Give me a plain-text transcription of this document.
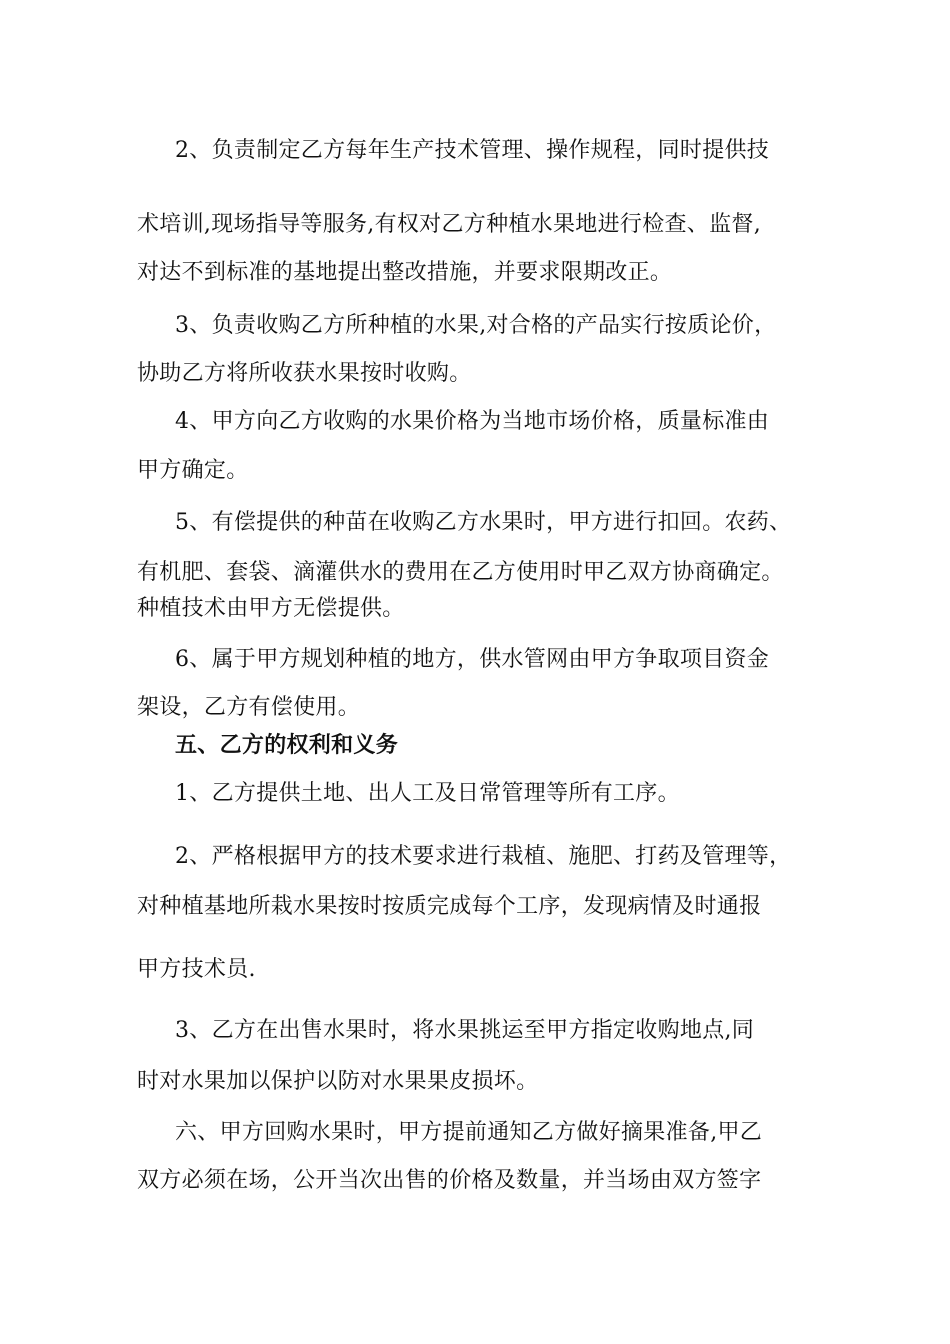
2、负责制定乙方每年生产技术管理、操作规程，同时提供技
术培训,现场指导等服务,有权对乙方种植水果地进行检查、监督,
对达不到标准的基地提出整改措施，并要求限期改正。
3、负责收购乙方所种植的水果,对合格的产品实行按质论价，
协助乙方将所收获水果按时收购。
4、甲方向乙方收购的水果价格为当地市场价格，质量标准由
甲方确定。
5、有偿提供的种苗在收购乙方水果时，甲方进行扣回。农药、
有机肥、套袋、滴灌供水的费用在乙方使用时甲乙双方协商确定。
种植技术由甲方无偿提供。
6、属于甲方规划种植的地方，供水管网由甲方争取项目资金
架设，乙方有偿使用。
五、乙方的权利和义务
1、乙方提供土地、出人工及日常管理等所有工序。
2、严格根据甲方的技术要求进行栽植、施肥、打药及管理等，
对种植基地所栽水果按时按质完成每个工序，发现病情及时通报
甲方技术员.
3、乙方在出售水果时，将水果挑运至甲方指定收购地点,同
时对水果加以保护以防对水果果皮损坏。
六、甲方回购水果时，甲方提前通知乙方做好摘果准备,甲乙
双方必须在场，公开当次出售的价格及数量，并当场由双方签字
